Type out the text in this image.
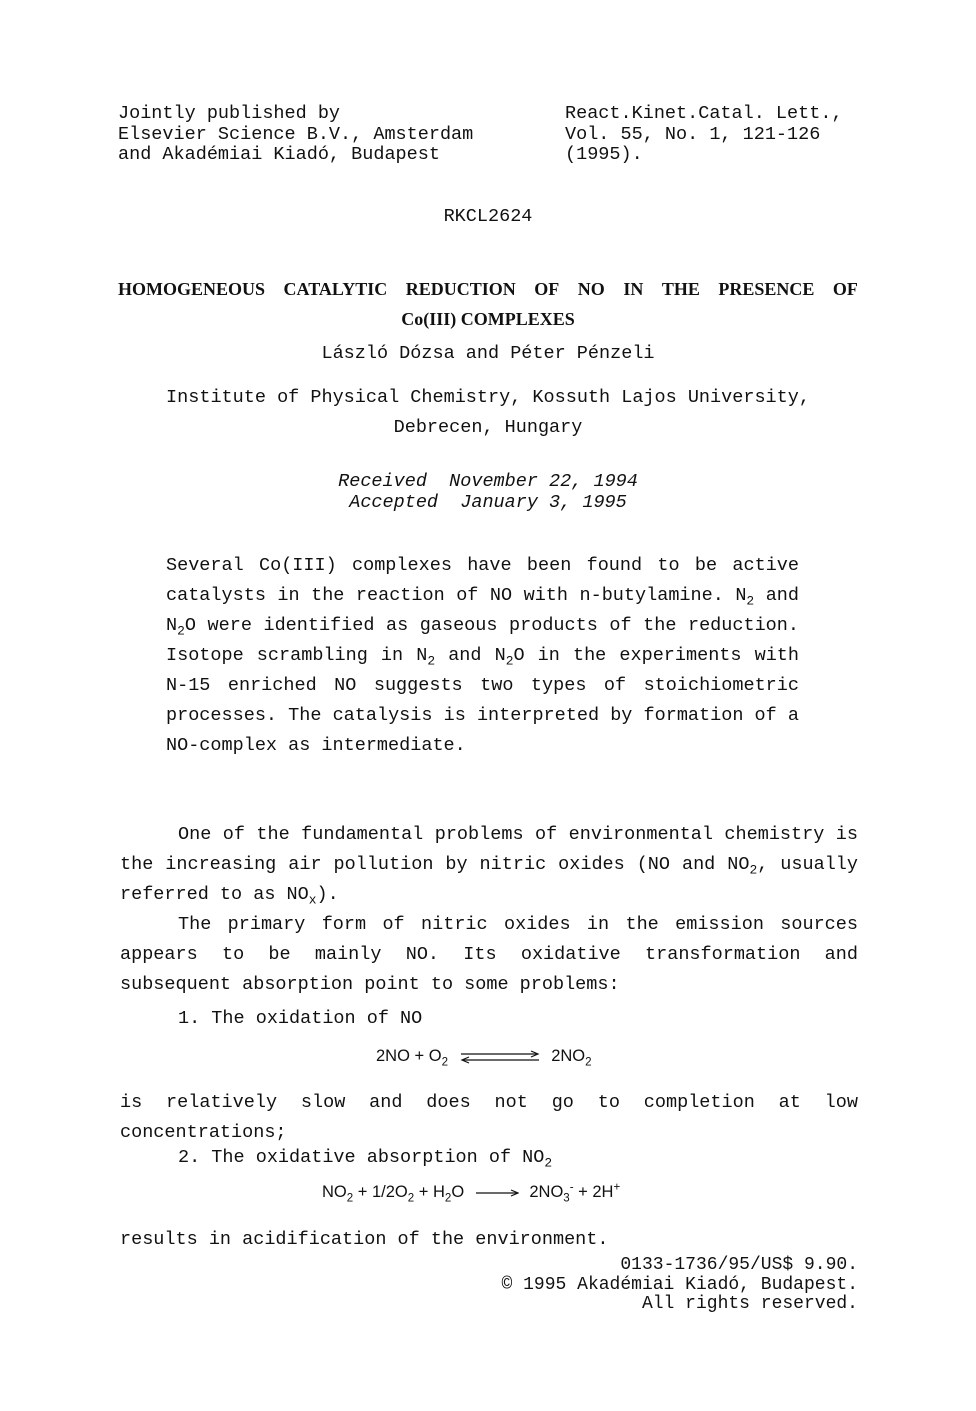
Jointly published by
Elsevier Science B.V., Amsterdam
and Akadémiai Kiadó, Budapest
React.Kinet.Catal. Lett.,
Vol. 55, No. 1, 121-126
(1995).
RKCL2624
HOMOGENEOUS CATALYTIC REDUCTION OF NO IN THE PRESENCE OF
Co(III) COMPLEXES
László Dózsa and Péter Pénzeli
Institute of Physical Chemistry, Kossuth Lajos University,
Debrecen, Hungary
Received  November 22, 1994
Accepted  January 3, 1995
Several Co(III) complexes have been found to be active catalysts in the reaction of NO with n-butylamine. $N_2$ and $N_2O$ were identified as gaseous products of the reduction. Isotope scrambling in $N_2$ and $N_2O$ in the experiments with N-15 enriched NO suggests two types of stoichiometric processes. The catalysis is interpreted by formation of a NO-complex as intermediate.
One of the fundamental problems of environmental chemistry is the increasing air pollution by nitric oxides (NO and $NO_2$, usually referred to as $NO_x$).
The primary form of nitric oxides in the emission sources appears to be mainly NO. Its oxidative transformation and subsequent absorption point to some problems:
1. The oxidation of NO
$2NO + O_2$	$2NO_2$
is relatively slow and does not go to completion at low concentrations;
2. The oxidative absorption of $NO_2$
$NO_2 + 1/2O_2 + H_2O \to 2NO_3^- + 2H^+$
results in acidification of the environment.
0133-1736/95/US$ 9.90.
© 1995 Akadémiai Kiadó, Budapest.
All rights reserved.
